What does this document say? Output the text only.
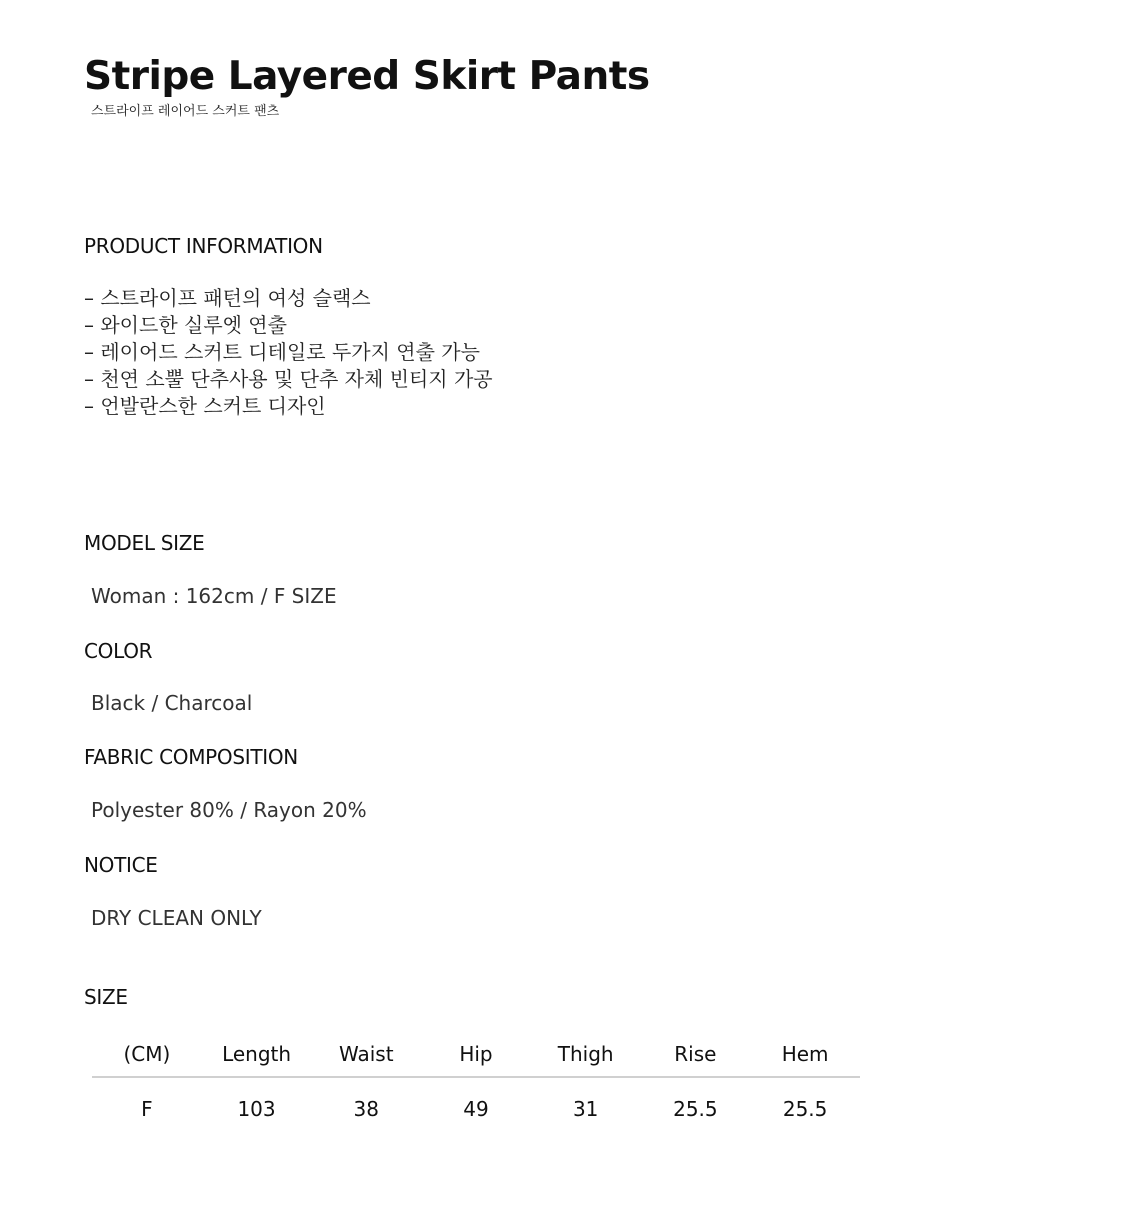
Stripe Layered Skirt Pants
스트라이프 레이어드 스커트 팬츠
PRODUCT INFORMATION
– 스트라이프 패턴의 여성 슬랙스
– 와이드한 실루엣 연출
– 레이어드 스커트 디테일로 두가지 연출 가능
– 천연 소뿔 단추사용 및 단추 자체 빈티지 가공
– 언발란스한 스커트 디자인
MODEL SIZE
Woman : 162cm / F SIZE
COLOR
Black / Charcoal
FABRIC COMPOSITION
Polyester 80% / Rayon 20%
NOTICE
DRY CLEAN ONLY
SIZE
(CM)	Length	Waist	Hip	Thigh	Rise	Hem
F	103	38	49	31	25.5	25.5
